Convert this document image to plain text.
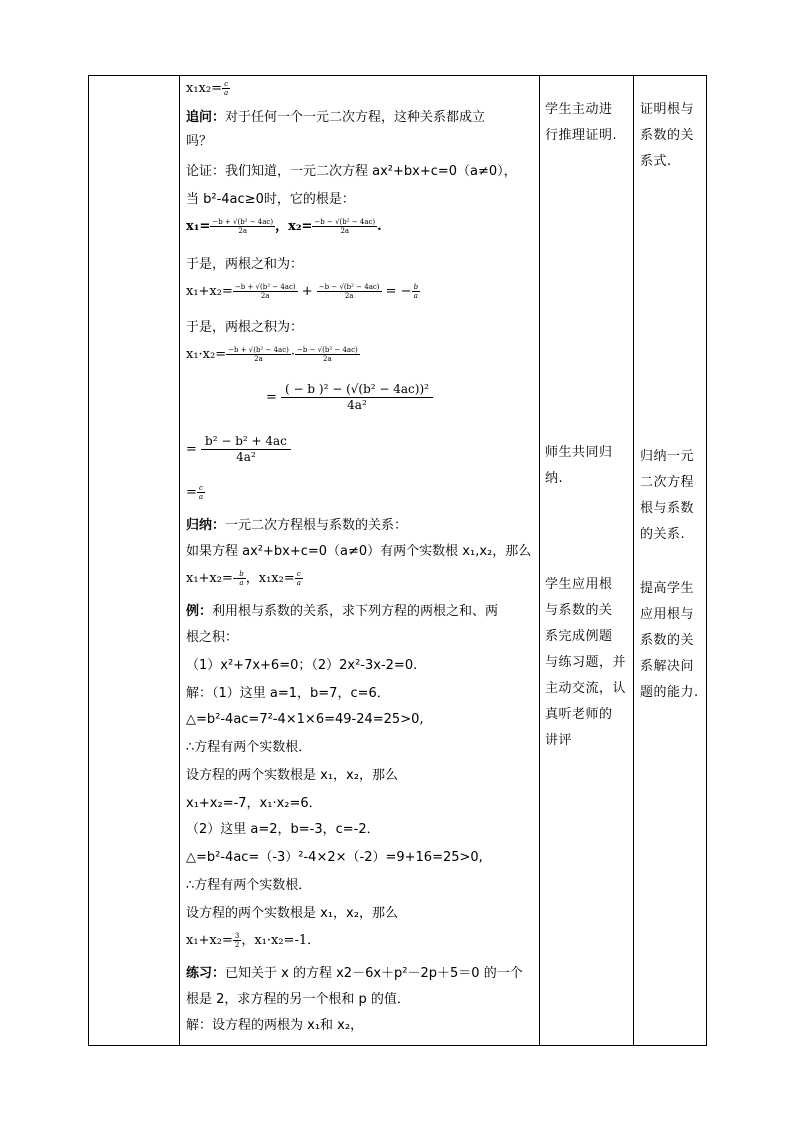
$x_1x_2= \frac{c}{a}$
追问：对于任何一个一元二次方程，这种关系都成立
吗？
论证：我们知道，一元二次方程 ax²+bx+c=0（a≠0），
当 b²-4ac≥0时，它的根是：
$x_1= \frac{\text{−b + √(b² − 4ac)}}{2a}$ ，$x_2= \frac{\text{−b − √(b² − 4ac)}}{2a}$ .
于是，两根之和为：
$x_1+x_2= \frac{\text{−b + √(b² − 4ac)}}{2a} + \frac{\text{−b − √(b² − 4ac)}}{2a}$ = − $\frac{b}{a}$
于是，两根之积为：
$x_1\cdot x_2= \frac{\text{−b + √(b² − 4ac)}}{2a} \cdot \frac{\text{−b − √(b² − 4ac)}}{2a}$
= $\frac{\text{( − b )² − (√(b² − 4ac))²}}{\text{4a²}}$
= $\frac{\text{b² − b² + 4ac}}{\text{4a²}}$
= $\frac{c}{a}$
归纳：一元二次方程根与系数的关系：
如果方程 ax²+bx+c=0（a≠0）有两个实数根 x₁,x₂，那么
$x_1+x_2=- \frac{b}{a}$ ，$x_1x_2= \frac{c}{a}$
例：利用根与系数的关系，求下列方程的两根之和、两
根之积：
（1）x²+7x+6=0；（2）2x²-3x-2=0.
解：（1）这里 a=1，b=7，c=6．
△=b²-4ac=7²-4×1×6=49-24=25>0,
∴方程有两个实数根．
设方程的两个实数根是 x₁，x₂，那么
x₁+x₂=-7，x₁·x₂=6．
（2）这里 a=2，b=-3，c=-2．
△=b²-4ac=（-3）²-4×2×（-2）=9+16=25>0,
∴方程有两个实数根．
设方程的两个实数根是 x₁，x₂，那么
$x_1+x_2= \frac{3}{2}$ ，x₁·x₂=-1．
练习：已知关于 x 的方程 x2－6x＋p²－2p＋5＝0 的一个
根是 2，求方程的另一个根和 p 的值．
解：设方程的两根为 x₁和 x₂，
学生主动进
行推理证明.
师生共同归
纳.
学生应用根
与系数的关
系完成例题
与练习题，并
主动交流，认
真听老师的
讲评
证明根与
系数的关
系式.
归纳一元
二次方程
根与系数
的关系.
提高学生
应用根与
系数的关
系解决问
题的能力.
